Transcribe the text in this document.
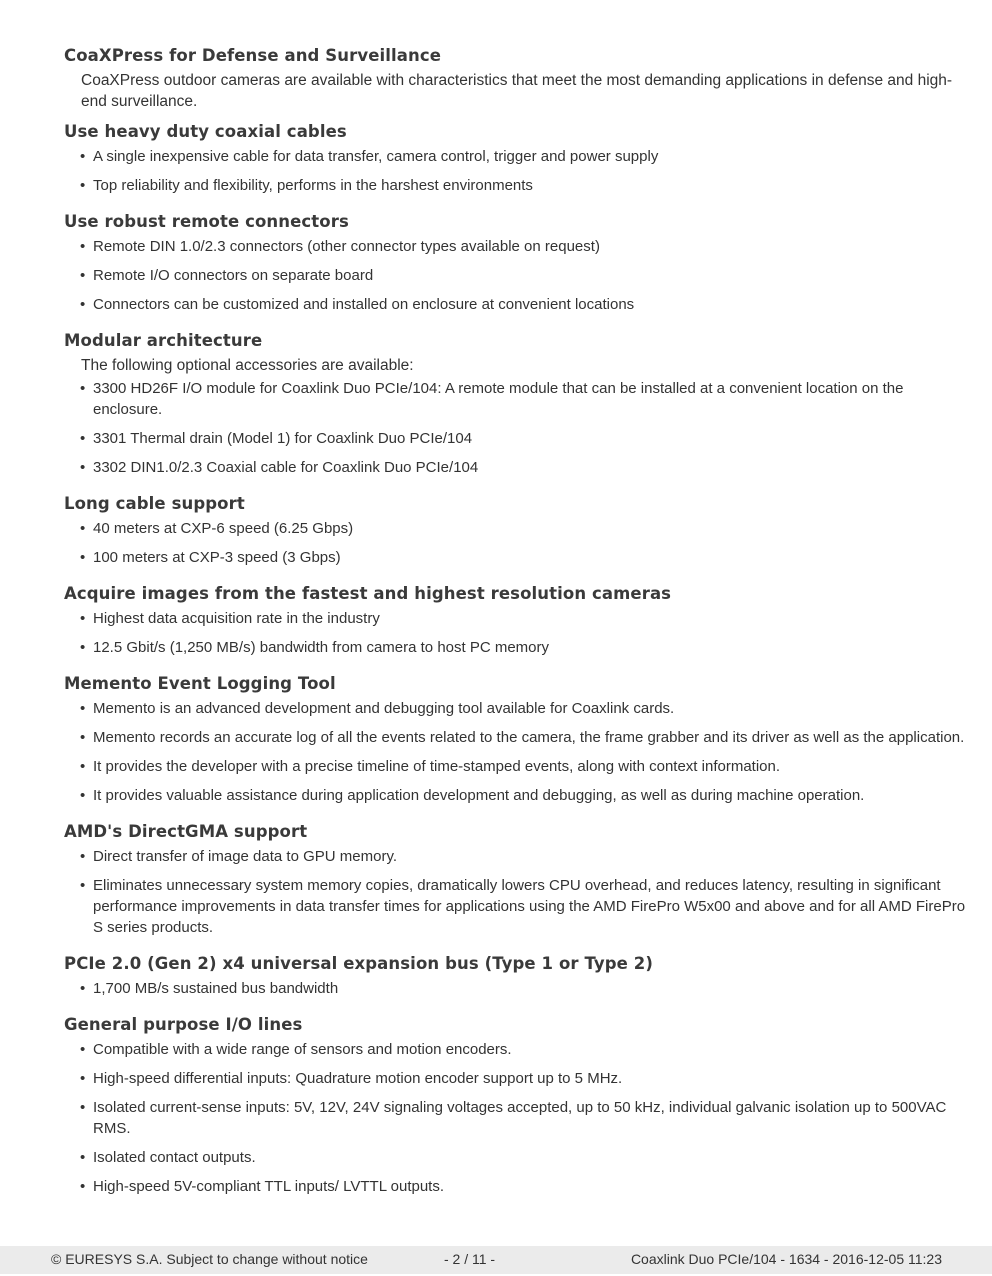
CoaXPress for Defense and Surveillance

CoaXPress outdoor cameras are available with characteristics that meet the most demanding applications in defense and high-end surveillance.

Use heavy duty coaxial cables
• A single inexpensive cable for data transfer, camera control, trigger and power supply
• Top reliability and flexibility, performs in the harshest environments
Use robust remote connectors
• Remote DIN 1.0/2.3 connectors (other connector types available on request)
• Remote I/O connectors on separate board
• Connectors can be customized and installed on enclosure at convenient locations
Modular architecture

The following optional accessories are available:

• 3300 HD26F I/O module for Coaxlink Duo PCIe/104: A remote module that can be installed at a convenient location on the enclosure.
• 3301 Thermal drain (Model 1) for Coaxlink Duo PCIe/104
• 3302 DIN1.0/2.3 Coaxial cable for Coaxlink Duo PCIe/104
Long cable support
• 40 meters at CXP-6 speed (6.25 Gbps)
• 100 meters at CXP-3 speed (3 Gbps)
Acquire images from the fastest and highest resolution cameras
• Highest data acquisition rate in the industry
• 12.5 Gbit/s (1,250 MB/s) bandwidth from camera to host PC memory
Memento Event Logging Tool
• Memento is an advanced development and debugging tool available for Coaxlink cards.
• Memento records an accurate log of all the events related to the camera, the frame grabber and its driver as well as the application.
• It provides the developer with a precise timeline of time-stamped events, along with context information.
• It provides valuable assistance during application development and debugging, as well as during machine operation.
AMD's DirectGMA support
• Direct transfer of image data to GPU memory.
• Eliminates unnecessary system memory copies, dramatically lowers CPU overhead, and reduces latency, resulting in significant performance improvements in data transfer times for applications using the AMD FirePro W5x00 and above and for all AMD FirePro S series products.
PCIe 2.0 (Gen 2) x4 universal expansion bus (Type 1 or Type 2)
• 1,700 MB/s sustained bus bandwidth
General purpose I/O lines
• Compatible with a wide range of sensors and motion encoders.
• High-speed differential inputs: Quadrature motion encoder support up to 5 MHz.
• Isolated current-sense inputs: 5V, 12V, 24V signaling voltages accepted, up to 50 kHz, individual galvanic isolation up to 500VAC RMS.
• Isolated contact outputs.
• High-speed 5V-compliant TTL inputs/ LVTTL outputs.
© EURESYS S.A. Subject to change without notice	- 2 / 11 -	Coaxlink Duo PCIe/104 - 1634 - 2016-12-05 11:23
